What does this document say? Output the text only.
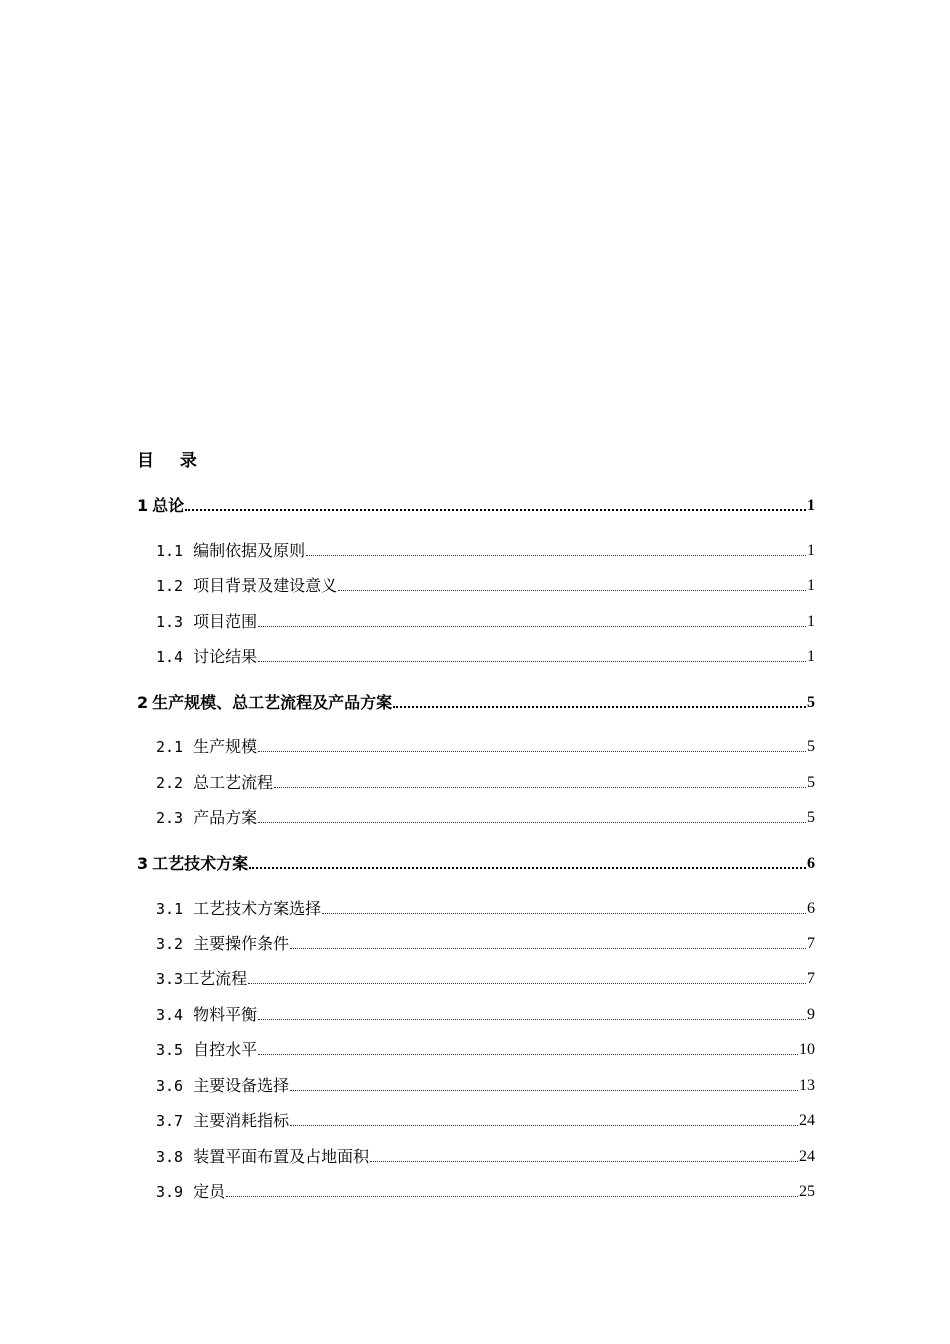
目 录
1 总论	1
1.1 编制依据及原则	1
1.2 项目背景及建设意义	1
1.3 项目范围	1
1.4 讨论结果	1
2 生产规模、总工艺流程及产品方案	5
2.1 生产规模	5
2.2 总工艺流程	5
2.3 产品方案	5
3 工艺技术方案	6
3.1 工艺技术方案选择	6
3.2 主要操作条件	7
3.3 工艺流程	7
3.4 物料平衡	9
3.5 自控水平	10
3.6 主要设备选择	13
3.7 主要消耗指标	24
3.8 装置平面布置及占地面积	24
3.9 定员	25
